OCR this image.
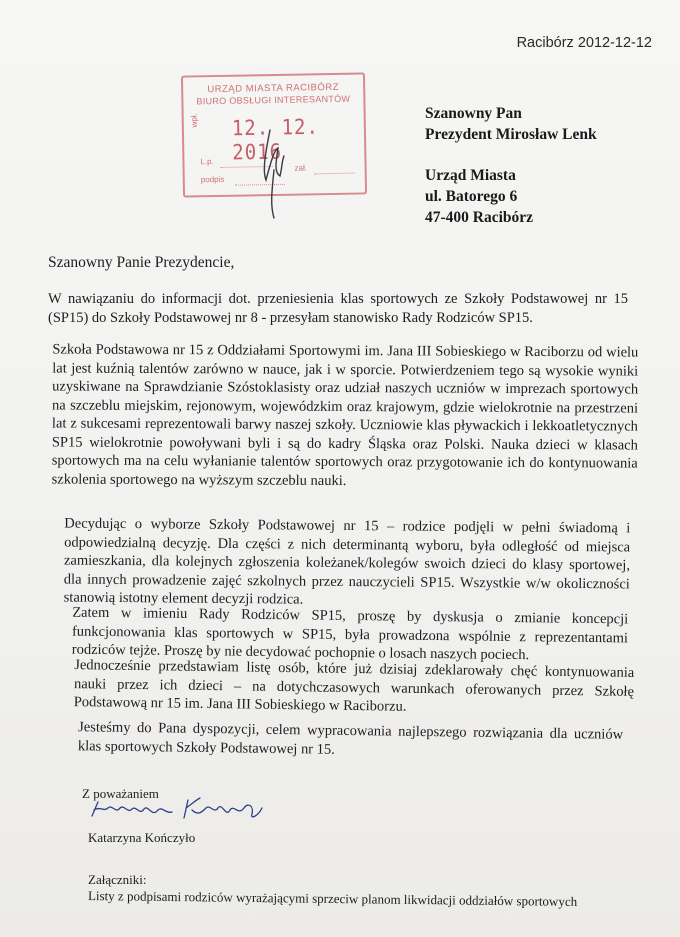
Racibórz 2012-12-12
URZĄD MIASTA RACIBÓRZ
BIURO OBSŁUGI INTERESANTÓW
wpł. 12. 12. 2016
L.p.
zał.
podpis
Szanowny Pan
Prezydent Mirosław Lenk
Urząd Miasta
ul. Batorego 6
47-400 Racibórz
Szanowny Panie Prezydencie,
W nawiązaniu do informacji dot. przeniesienia klas sportowych ze Szkoły Podstawowej nr 15 (SP15) do Szkoły Podstawowej nr 8 - przesyłam stanowisko Rady Rodziców SP15.
Szkoła Podstawowa nr 15 z Oddziałami Sportowymi im. Jana III Sobieskiego w Raciborzu od wielu lat jest kuźnią talentów zarówno w nauce, jak i w sporcie. Potwierdzeniem tego są wysokie wyniki uzyskiwane na Sprawdzianie Szóstoklasisty oraz udział naszych uczniów w imprezach sportowych na szczeblu miejskim, rejonowym, wojewódzkim oraz krajowym, gdzie wielokrotnie na przestrzeni lat z sukcesami reprezentowali barwy naszej szkoły. Uczniowie klas pływackich i lekkoatletycznych SP15 wielokrotnie powoływani byli i są do kadry Śląska oraz Polski. Nauka dzieci w klasach sportowych ma na celu wyłanianie talentów sportowych oraz przygotowanie ich do kontynuowania szkolenia sportowego na wyższym szczeblu nauki.
Decydując o wyborze Szkoły Podstawowej nr 15 – rodzice podjęli w pełni świadomą i odpowiedzialną decyzję. Dla części z nich determinantą wyboru, była odległość od miejsca zamieszkania, dla kolejnych zgłoszenia koleżanek/kolegów swoich dzieci do klasy sportowej, dla innych prowadzenie zajęć szkolnych przez nauczycieli SP15. Wszystkie w/w okoliczności stanowią istotny element decyzji rodzica.
Zatem w imieniu Rady Rodziców SP15, proszę by dyskusja o zmianie koncepcji funkcjonowania klas sportowych w SP15, była prowadzona wspólnie z reprezentantami rodziców tejże. Proszę by nie decydować pochopnie o losach naszych pociech.
Jednocześnie przedstawiam listę osób, które już dzisiaj zdeklarowały chęć kontynuowania nauki przez ich dzieci – na dotychczasowych warunkach oferowanych przez Szkołę Podstawową nr 15 im. Jana III Sobieskiego w Raciborzu.
Jesteśmy do Pana dyspozycji, celem wypracowania najlepszego rozwiązania dla uczniów klas sportowych Szkoły Podstawowej nr 15.
Z poważaniem
Katarzyna Kończyło
Załączniki:
Listy z podpisami rodziców wyrażającymi sprzeciw planom likwidacji oddziałów sportowych
